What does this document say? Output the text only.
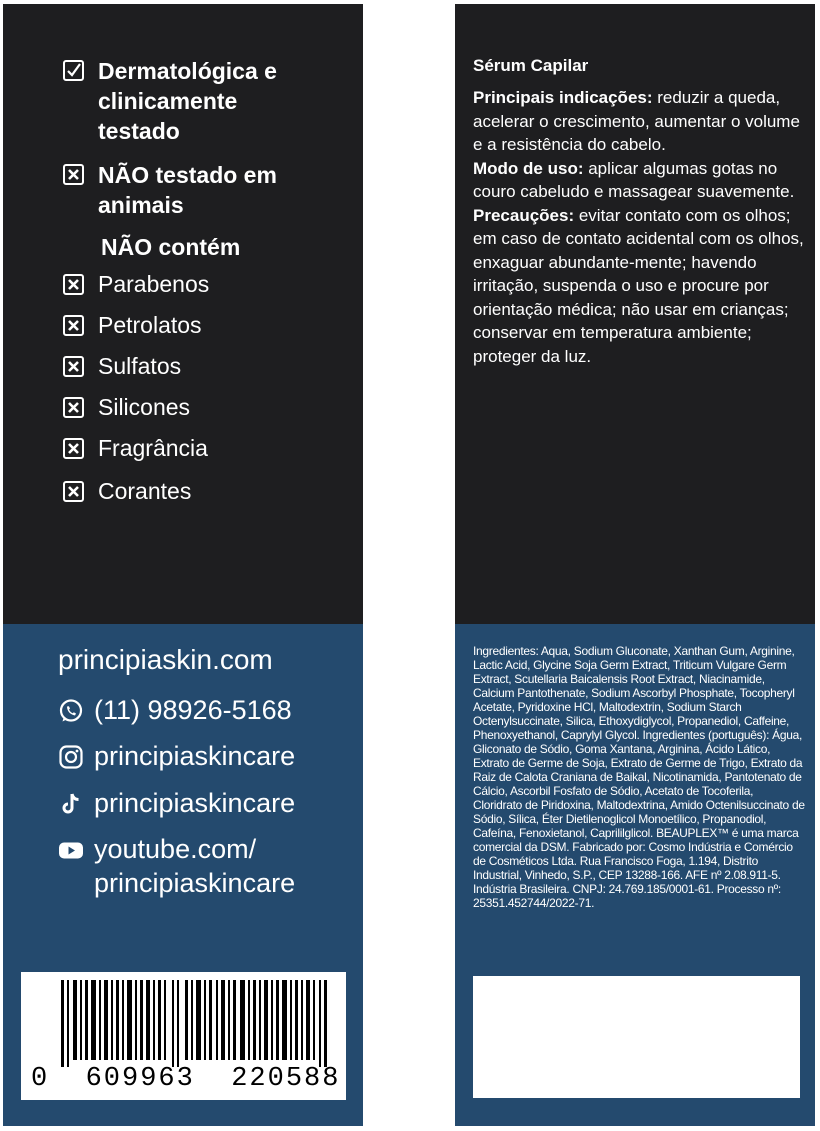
Dermatológica e clinicamente testado
NÃO testado em animais
NÃO contém
Parabenos
Petrolatos
Sulfatos
Silicones
Fragrância
Corantes
principiaskin.com
(11) 98926-5168
principiaskincare
principiaskincare
youtube.com/ principiaskincare
0  609963  220588
Sérum Capilar

Principais indicações: reduzir a queda, acelerar o crescimento, aumentar o volume e a resistência do cabelo.

Modo de uso: aplicar algumas gotas no couro cabeludo e massagear suavemente.

Precauções: evitar contato com os olhos; em caso de contato acidental com os olhos, enxaguar abundante-mente; havendo irritação, suspenda o uso e procure por orientação médica; não usar em crianças; conservar em temperatura ambiente; proteger da luz.

Ingredientes: Aqua, Sodium Gluconate, Xanthan Gum, Arginine, Lactic Acid, Glycine Soja Germ Extract, Triticum Vulgare Germ Extract, Scutellaria Baicalensis Root Extract, Niacinamide, Calcium Pantothenate, Sodium Ascorbyl Phosphate, Tocopheryl Acetate, Pyridoxine HCl, Maltodextrin, Sodium Starch Octenylsuccinate, Silica, Ethoxydiglycol, Propanediol, Caffeine, Phenoxyethanol, Caprylyl Glycol. Ingredientes (português): Água, Gliconato de Sódio, Goma Xantana, Arginina, Ácido Lático, Extrato de Germe de Soja, Extrato de Germe de Trigo, Extrato da Raiz de Calota Craniana de Baikal, Nicotinamida, Pantotenato de Cálcio, Ascorbil Fosfato de Sódio, Acetato de Tocoferila, Cloridrato de Piridoxina, Maltodextrina, Amido Octenilsuccinato de Sódio, Sílica, Éter Dietilenoglicol Monoetílico, Propanodiol, Cafeína, Fenoxietanol, Caprililglicol. BEAUPLEX™ é uma marca comercial da DSM. Fabricado por: Cosmo Indústria e Comércio de Cosméticos Ltda. Rua Francisco Foga, 1.194, Distrito Industrial, Vinhedo, S.P., CEP 13288-166. AFE nº 2.08.911-5. Indústria Brasileira. CNPJ: 24.769.185/0001-61. Processo nº: 25351.452744/2022-71.
